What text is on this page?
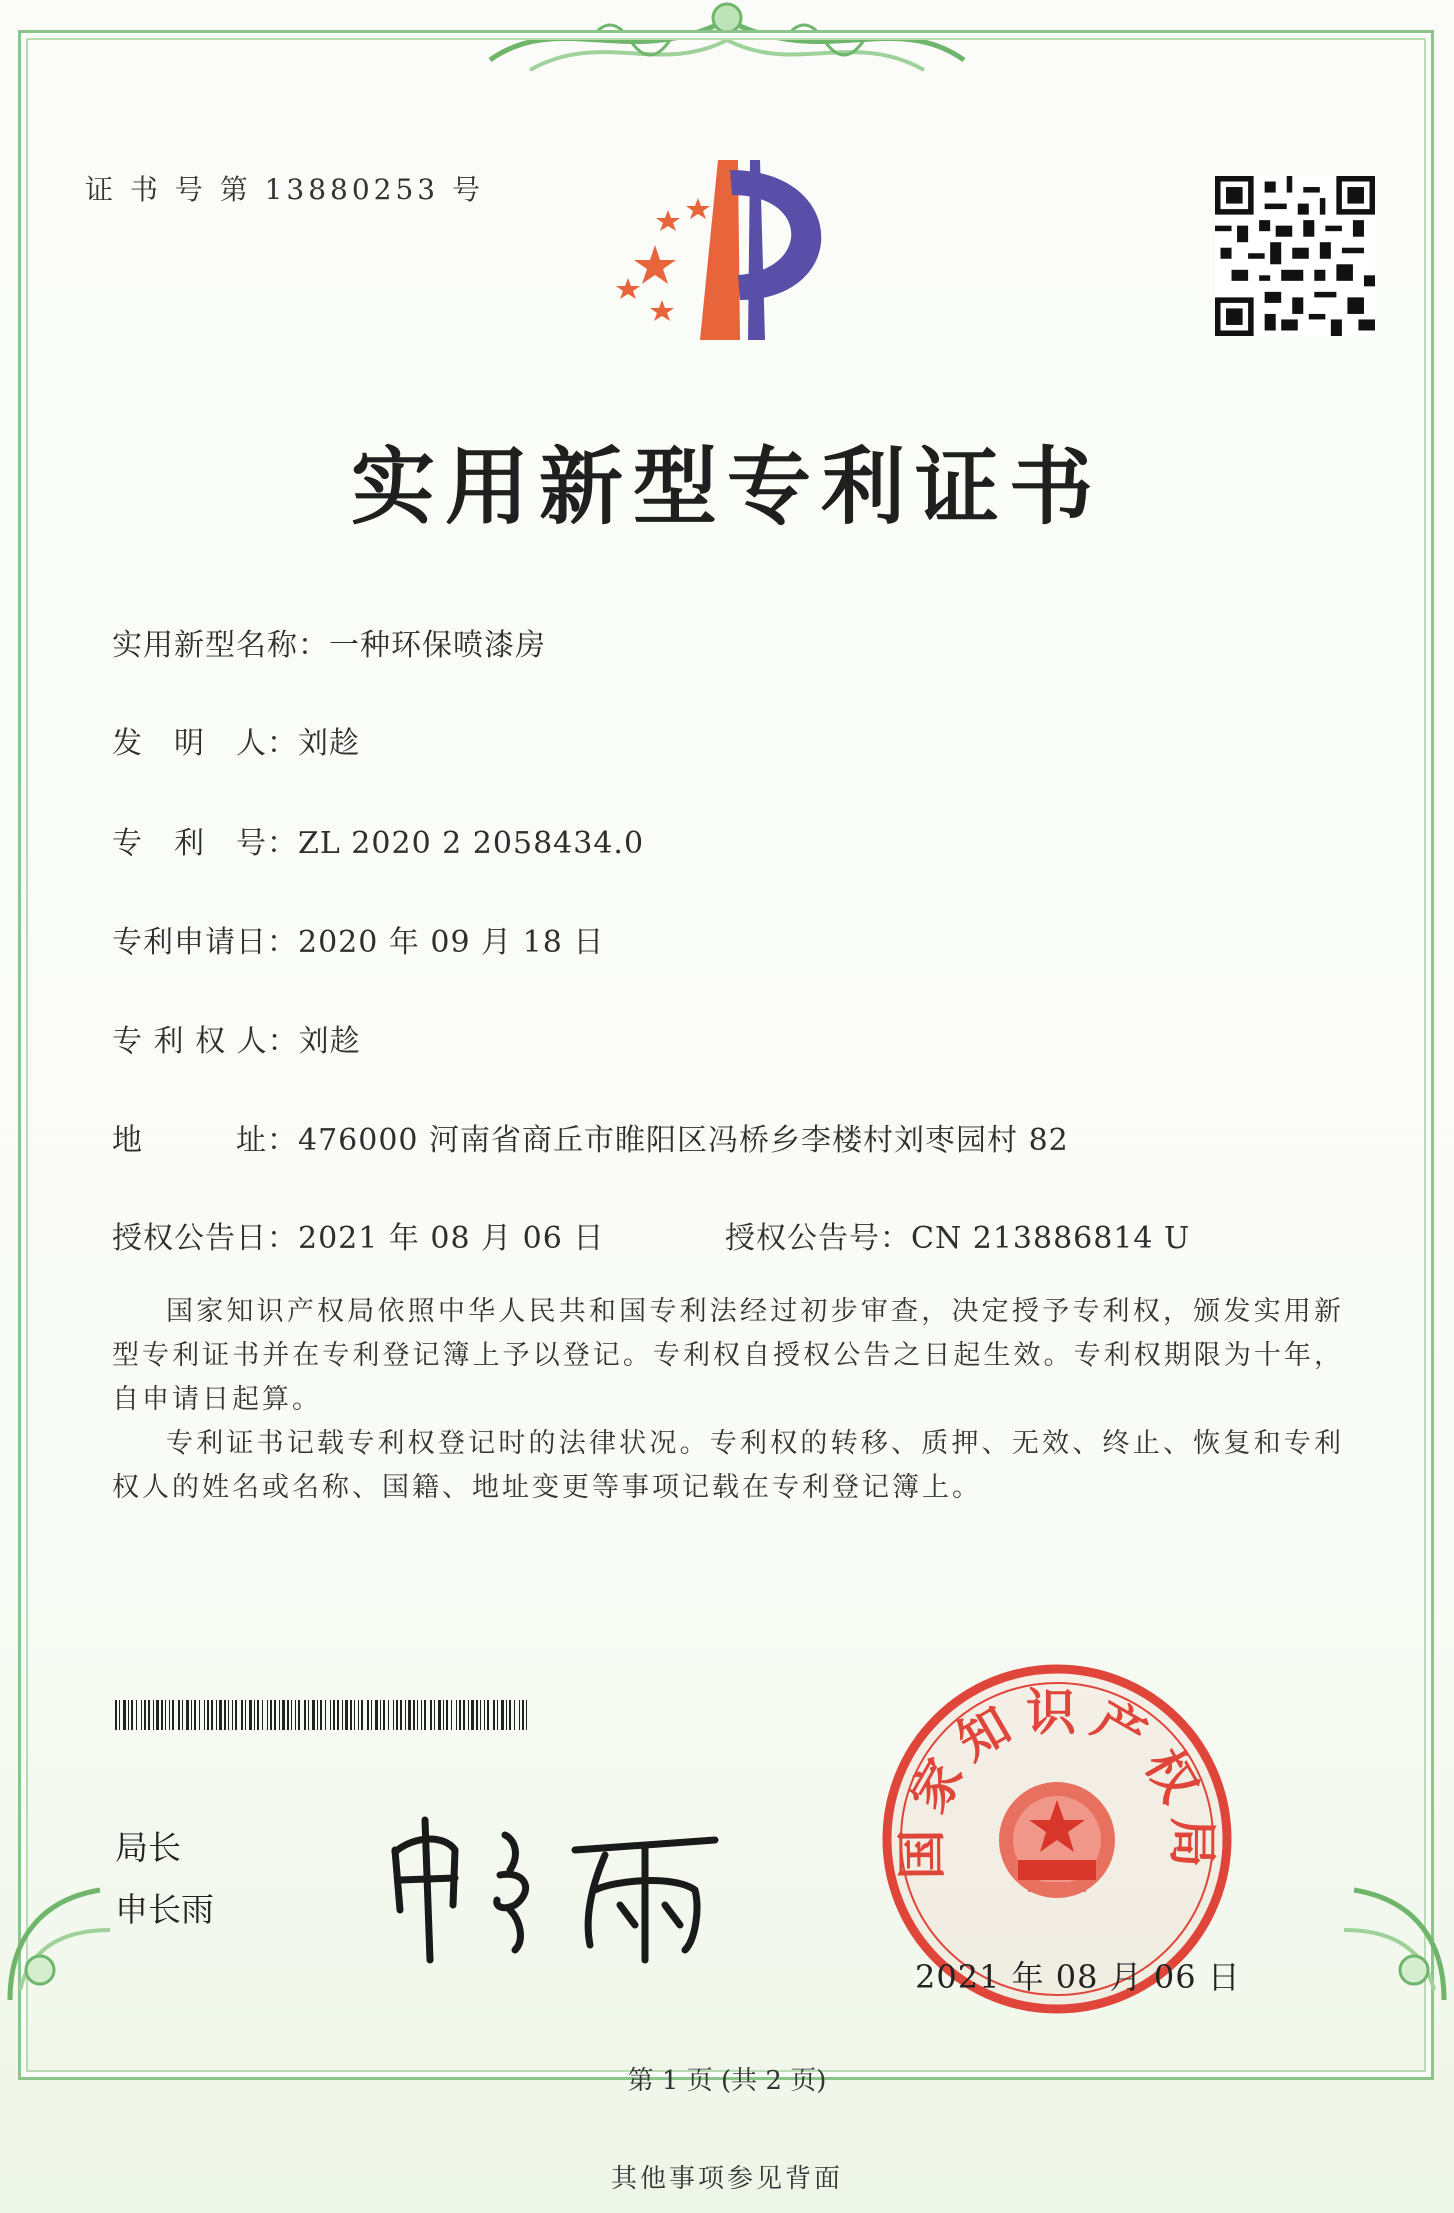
证 书 号 第 13880253 号
实用新型专利证书
实用新型名称：一种环保喷漆房
发　明　人：刘趁
专　利　号：ZL 2020 2 2058434.0
专利申请日：2020 年 09 月 18 日
专 利 权 人：刘趁
地　　　址：476000 河南省商丘市睢阳区冯桥乡李楼村刘枣园村 82
授权公告日：2021 年 08 月 06 日	授权公告号：CN 213886814 U

国家知识产权局依照中华人民共和国专利法经过初步审查，决定授予专利权，颁发实用新型专利证书并在专利登记簿上予以登记。专利权自授权公告之日起生效。专利权期限为十年，自申请日起算。

专利证书记载专利权登记时的法律状况。专利权的转移、质押、无效、终止、恢复和专利权人的姓名或名称、国籍、地址变更等事项记载在专利登记簿上。

局长
申长雨
国家知识产权局
2021 年 08 月 06 日
第 1 页 (共 2 页)
其他事项参见背面
